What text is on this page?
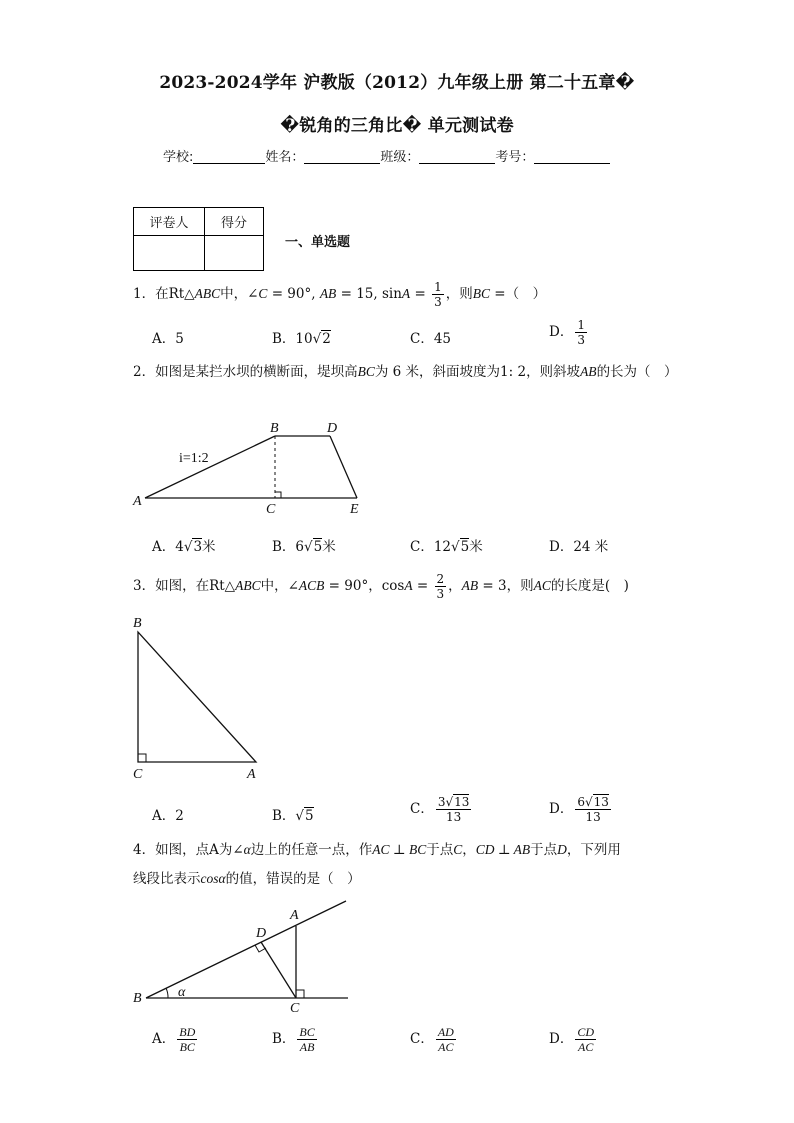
2023-2024学年 沪教版（2012）九年级上册 第二十五章�
�锐角的三角比� 单元测试卷
学校:	姓名：	班级：	考号：
评卷人	得分

一、单选题
1．在Rt△ABC中，∠C = 90°, AB = 15, $\sin A = \frac{1}{3}$ ，则BC =（　）
A．5	B．10√2	C．45	D． $\frac{1}{3}$
2．如图是某拦水坝的横断面，堤坝高BC为 6 米，斜面坡度为1: 2，则斜坡AB的长为（　）
B	D
A
C	E
i=1:2
A．4√3米	B．6√5米	C．12√5米	D．24 米
3．如图，在Rt△ABC中，∠ACB = 90°，$\cos A = \frac{2}{3}$ ，AB = 3，则AC的长度是(　)
B
C	A
A．2	B．√5	C． $\frac{3√13}{13}$	D． $\frac{6√13}{13}$
4．如图，点A为∠α边上的任意一点，作AC ⊥ BC于点C，CD ⊥ AB于点D，下列用
线段比表示cosα的值，错误的是（　）
A
D
B	α
C
A． $\frac{BD}{BC}$	B． $\frac{BC}{AB}$	C． $\frac{AD}{AC}$	D． $\frac{CD}{AC}$
